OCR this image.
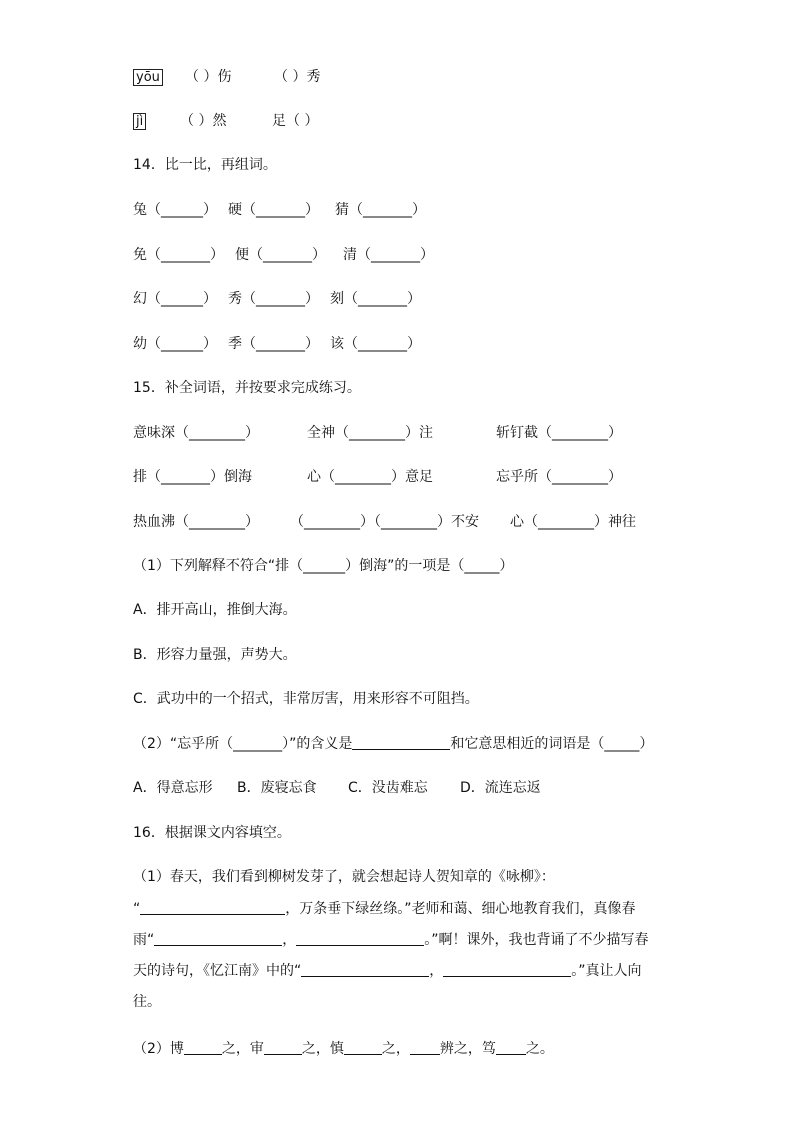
yōu （ ）伤	（ ）秀
jì	（ ）然	足（ ）
14．比一比，再组词。
兔（______） 硬（_______） 猜（_______）
免（_______） 便（_______） 清（_______）
幻（______） 秀（_______） 刻（_______）
幼（______） 季（_______） 该（_______）
15．补全词语，并按要求完成练习。
意味深（________）	全神（________）注	斩钉截（________）
排（_______）倒海	心（________）意足	忘乎所（________）
热血沸（________） （________）（________）不安 心（________）神往
（1）下列解释不符合“排（______）倒海”的一项是（_____）
A．排开高山，推倒大海。
B．形容力量强，声势大。
C．武功中的一个招式，非常厉害，用来形容不可阻挡。
（2）“忘乎所（_______）”的含义是	和它意思相近的词语是（_____）
A．得意忘形 B．废寝忘食 C．没齿难忘 D．流连忘返
16．根据课文内容填空。
（1）春天，我们看到柳树发芽了，就会想起诗人贺知章的《咏柳》：
“	，万条垂下绿丝绦。”老师和蔼、细心地教育我们，真像春
雨“	，	。”啊！课外，我也背诵了不少描写春
天的诗句，《忆江南》中的“	，	。”真让人向
往。
（2）博	之，审	之，慎	之， 辨之，笃 之。
